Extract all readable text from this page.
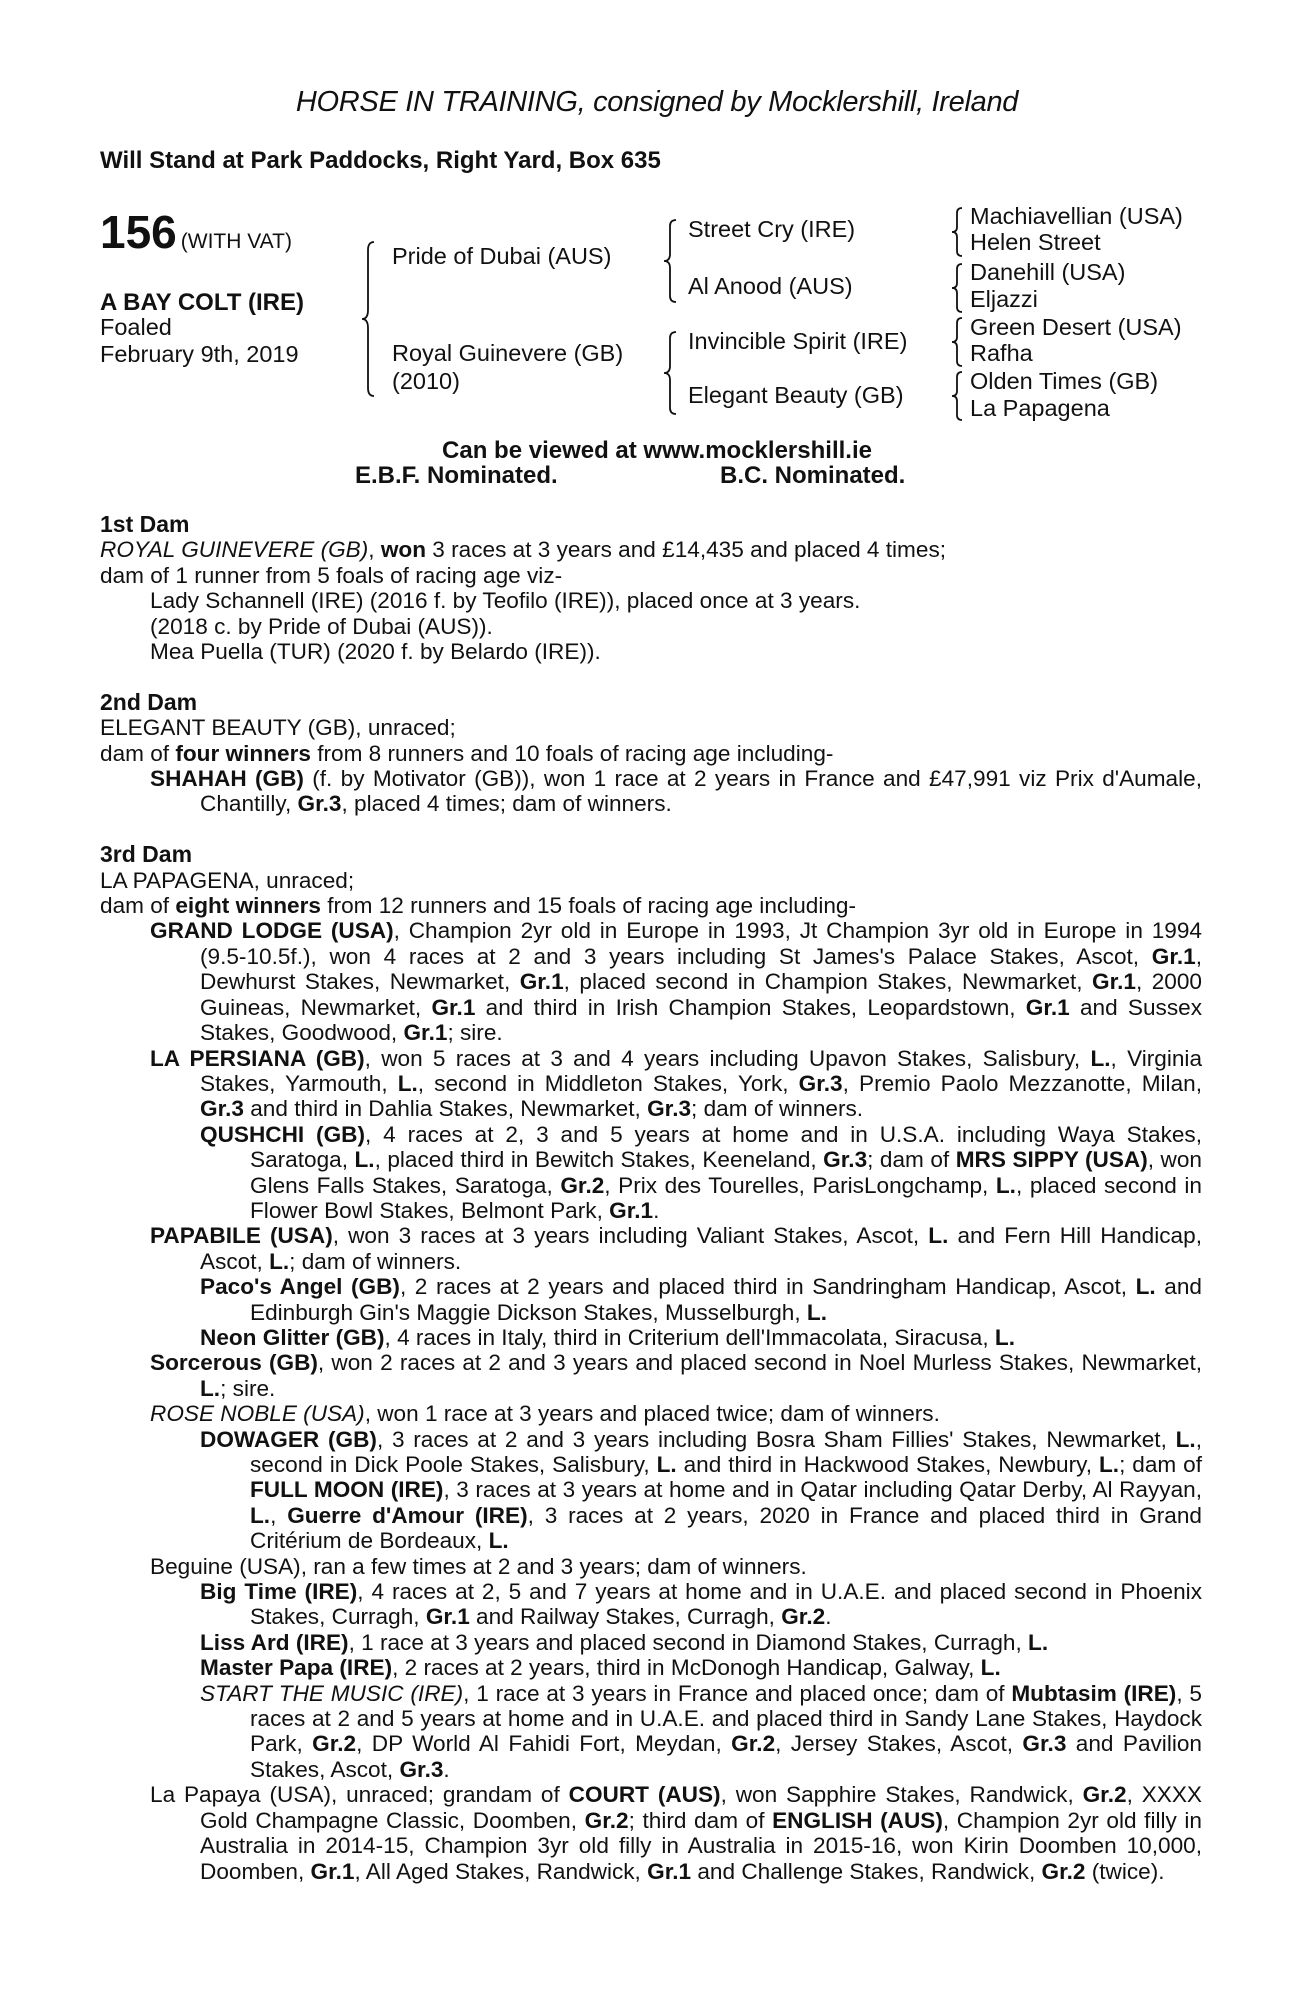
HORSE IN TRAINING, consigned by Mocklershill, Ireland
Will Stand at Park Paddocks, Right Yard, Box 635
156 (WITH VAT)
A BAY COLT (IRE)
Foaled
February 9th, 2019
Pride of Dubai (AUS)
Royal Guinevere (GB)
(2010)
Street Cry (IRE)
Al Anood (AUS)
Invincible Spirit (IRE)
Elegant Beauty (GB)
Machiavellian (USA)
Helen Street
Danehill (USA)
Eljazzi
Green Desert (USA)
Rafha
Olden Times (GB)
La Papagena
Can be viewed at www.mocklershill.ie
E.B.F. Nominated.	B.C. Nominated.
1st Dam
ROYAL GUINEVERE (GB), won 3 races at 3 years and £14,435 and placed 4 times;
dam of 1 runner from 5 foals of racing age viz-
Lady Schannell (IRE) (2016 f. by Teofilo (IRE)), placed once at 3 years.
(2018 c. by Pride of Dubai (AUS)).
Mea Puella (TUR) (2020 f. by Belardo (IRE)).
2nd Dam
ELEGANT BEAUTY (GB), unraced;
dam of four winners from 8 runners and 10 foals of racing age including-
SHAHAH (GB) (f. by Motivator (GB)), won 1 race at 2 years in France and £47,991 viz Prix d'Aumale, Chantilly, Gr.3, placed 4 times; dam of winners.
3rd Dam
LA PAPAGENA, unraced;
dam of eight winners from 12 runners and 15 foals of racing age including-
GRAND LODGE (USA), Champion 2yr old in Europe in 1993, Jt Champion 3yr old in Europe in 1994 (9.5-10.5f.), won 4 races at 2 and 3 years including St James's Palace Stakes, Ascot, Gr.1, Dewhurst Stakes, Newmarket, Gr.1, placed second in Champion Stakes, Newmarket, Gr.1, 2000 Guineas, Newmarket, Gr.1 and third in Irish Champion Stakes, Leopardstown, Gr.1 and Sussex Stakes, Goodwood, Gr.1; sire.
LA PERSIANA (GB), won 5 races at 3 and 4 years including Upavon Stakes, Salisbury, L., Virginia Stakes, Yarmouth, L., second in Middleton Stakes, York, Gr.3, Premio Paolo Mezzanotte, Milan, Gr.3 and third in Dahlia Stakes, Newmarket, Gr.3; dam of winners.
QUSHCHI (GB), 4 races at 2, 3 and 5 years at home and in U.S.A. including Waya Stakes, Saratoga, L., placed third in Bewitch Stakes, Keeneland, Gr.3; dam of MRS SIPPY (USA), won Glens Falls Stakes, Saratoga, Gr.2, Prix des Tourelles, ParisLongchamp, L., placed second in Flower Bowl Stakes, Belmont Park, Gr.1.
PAPABILE (USA), won 3 races at 3 years including Valiant Stakes, Ascot, L. and Fern Hill Handicap, Ascot, L.; dam of winners.
Paco's Angel (GB), 2 races at 2 years and placed third in Sandringham Handicap, Ascot, L. and Edinburgh Gin's Maggie Dickson Stakes, Musselburgh, L.
Neon Glitter (GB), 4 races in Italy, third in Criterium dell'Immacolata, Siracusa, L.
Sorcerous (GB), won 2 races at 2 and 3 years and placed second in Noel Murless Stakes, Newmarket, L.; sire.
ROSE NOBLE (USA), won 1 race at 3 years and placed twice; dam of winners.
DOWAGER (GB), 3 races at 2 and 3 years including Bosra Sham Fillies' Stakes, Newmarket, L., second in Dick Poole Stakes, Salisbury, L. and third in Hackwood Stakes, Newbury, L.; dam of FULL MOON (IRE), 3 races at 3 years at home and in Qatar including Qatar Derby, Al Rayyan, L., Guerre d'Amour (IRE), 3 races at 2 years, 2020 in France and placed third in Grand Critérium de Bordeaux, L.
Beguine (USA), ran a few times at 2 and 3 years; dam of winners.
Big Time (IRE), 4 races at 2, 5 and 7 years at home and in U.A.E. and placed second in Phoenix Stakes, Curragh, Gr.1 and Railway Stakes, Curragh, Gr.2.
Liss Ard (IRE), 1 race at 3 years and placed second in Diamond Stakes, Curragh, L.
Master Papa (IRE), 2 races at 2 years, third in McDonogh Handicap, Galway, L.
START THE MUSIC (IRE), 1 race at 3 years in France and placed once; dam of Mubtasim (IRE), 5 races at 2 and 5 years at home and in U.A.E. and placed third in Sandy Lane Stakes, Haydock Park, Gr.2, DP World Al Fahidi Fort, Meydan, Gr.2, Jersey Stakes, Ascot, Gr.3 and Pavilion Stakes, Ascot, Gr.3.
La Papaya (USA), unraced; grandam of COURT (AUS), won Sapphire Stakes, Randwick, Gr.2, XXXX Gold Champagne Classic, Doomben, Gr.2; third dam of ENGLISH (AUS), Champion 2yr old filly in Australia in 2014-15, Champion 3yr old filly in Australia in 2015-16, won Kirin Doomben 10,000, Doomben, Gr.1, All Aged Stakes, Randwick, Gr.1 and Challenge Stakes, Randwick, Gr.2 (twice).
